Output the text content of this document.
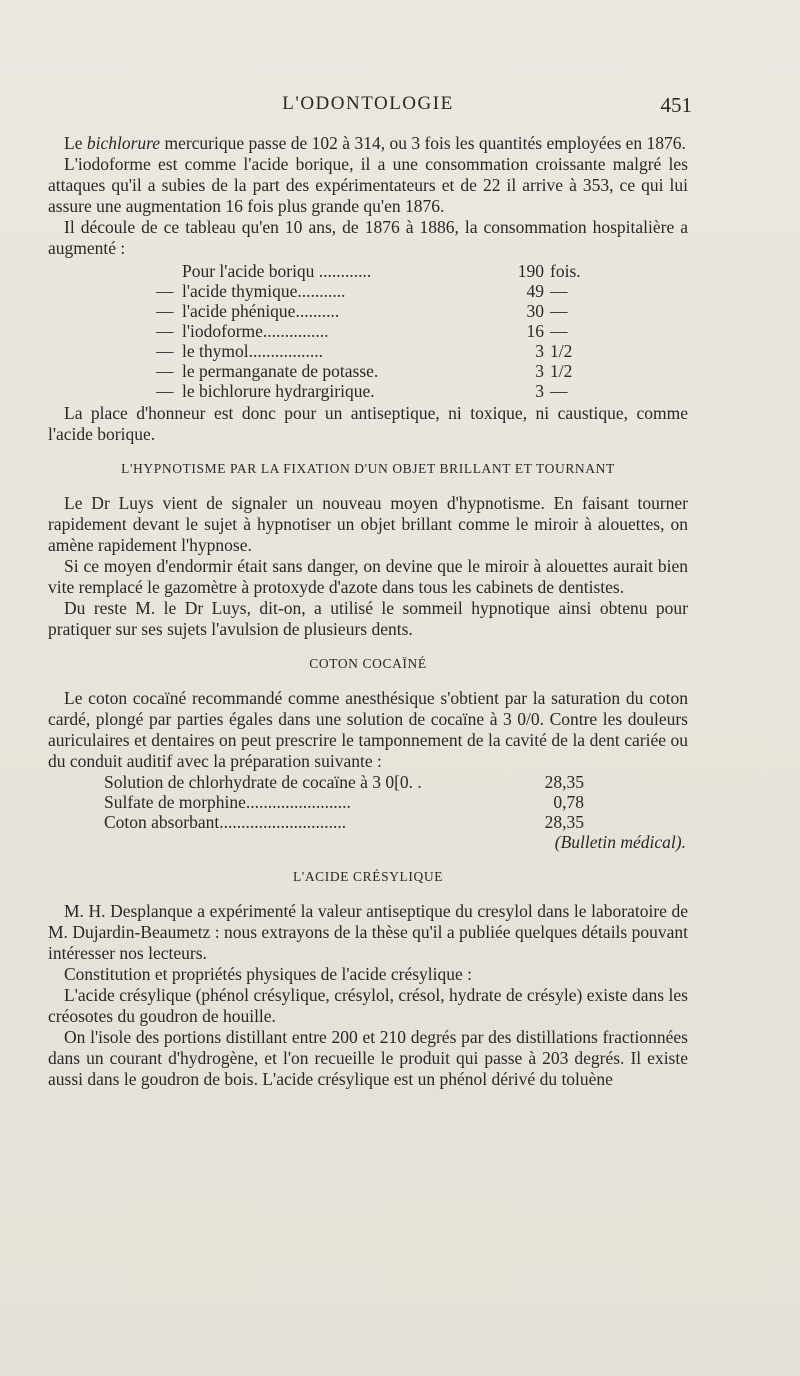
L'ODONTOLOGIE	451

Le bichlorure mercurique passe de 102 à 314, ou 3 fois les quantités employées en 1876.

L'iodoforme est comme l'acide borique, il a une consommation croissante malgré les attaques qu'il a subies de la part des expérimentateurs et de 22 il arrive à 353, ce qui lui assure une augmentation 16 fois plus grande qu'en 1876.

Il découle de ce tableau qu'en 10 ans, de 1876 à 1886, la consommation hospitalière a augmenté :

	Pour l'acide boriqu ............	190	fois.
—	l'acide thymique...........	49	—
—	l'acide phénique..........	30	—
—	l'iodoforme...............	16	—
—	le thymol.................	3	1/2
—	le permanganate de potasse.	3	1/2
—	le bichlorure hydrargirique.	3	—

La place d'honneur est donc pour un antiseptique, ni toxique, ni caustique, comme l'acide borique.

L'HYPNOTISME PAR LA FIXATION D'UN OBJET BRILLANT ET TOURNANT

Le Dr Luys vient de signaler un nouveau moyen d'hypnotisme. En faisant tourner rapidement devant le sujet à hypnotiser un objet brillant comme le miroir à alouettes, on amène rapidement l'hypnose.

Si ce moyen d'endormir était sans danger, on devine que le miroir à alouettes aurait bien vite remplacé le gazomètre à protoxyde d'azote dans tous les cabinets de dentistes.

Du reste M. le Dr Luys, dit-on, a utilisé le sommeil hypnotique ainsi obtenu pour pratiquer sur ses sujets l'avulsion de plusieurs dents.

COTON COCAÏNÉ

Le coton cocaïné recommandé comme anesthésique s'obtient par la saturation du coton cardé, plongé par parties égales dans une solution de cocaïne à 3 0/0. Contre les douleurs auriculaires et dentaires on peut prescrire le tamponnement de la cavité de la dent cariée ou du conduit auditif avec la préparation suivante :

Solution de chlorhydrate de cocaïne à 3 0[0. .	28,35
Sulfate de morphine........................	0,78
Coton absorbant.............................	28,35
(Bulletin médical).
L'ACIDE CRÉSYLIQUE

M. H. Desplanque a expérimenté la valeur antiseptique du cresylol dans le laboratoire de M. Dujardin-Beaumetz : nous extrayons de la thèse qu'il a publiée quelques détails pouvant intéresser nos lecteurs.

Constitution et propriétés physiques de l'acide crésylique :

L'acide crésylique (phénol crésylique, crésylol, crésol, hydrate de crésyle) existe dans les créosotes du goudron de houille.

On l'isole des portions distillant entre 200 et 210 degrés par des distillations fractionnées dans un courant d'hydrogène, et l'on recueille le produit qui passe à 203 degrés. Il existe aussi dans le goudron de bois. L'acide crésylique est un phénol dérivé du toluène
